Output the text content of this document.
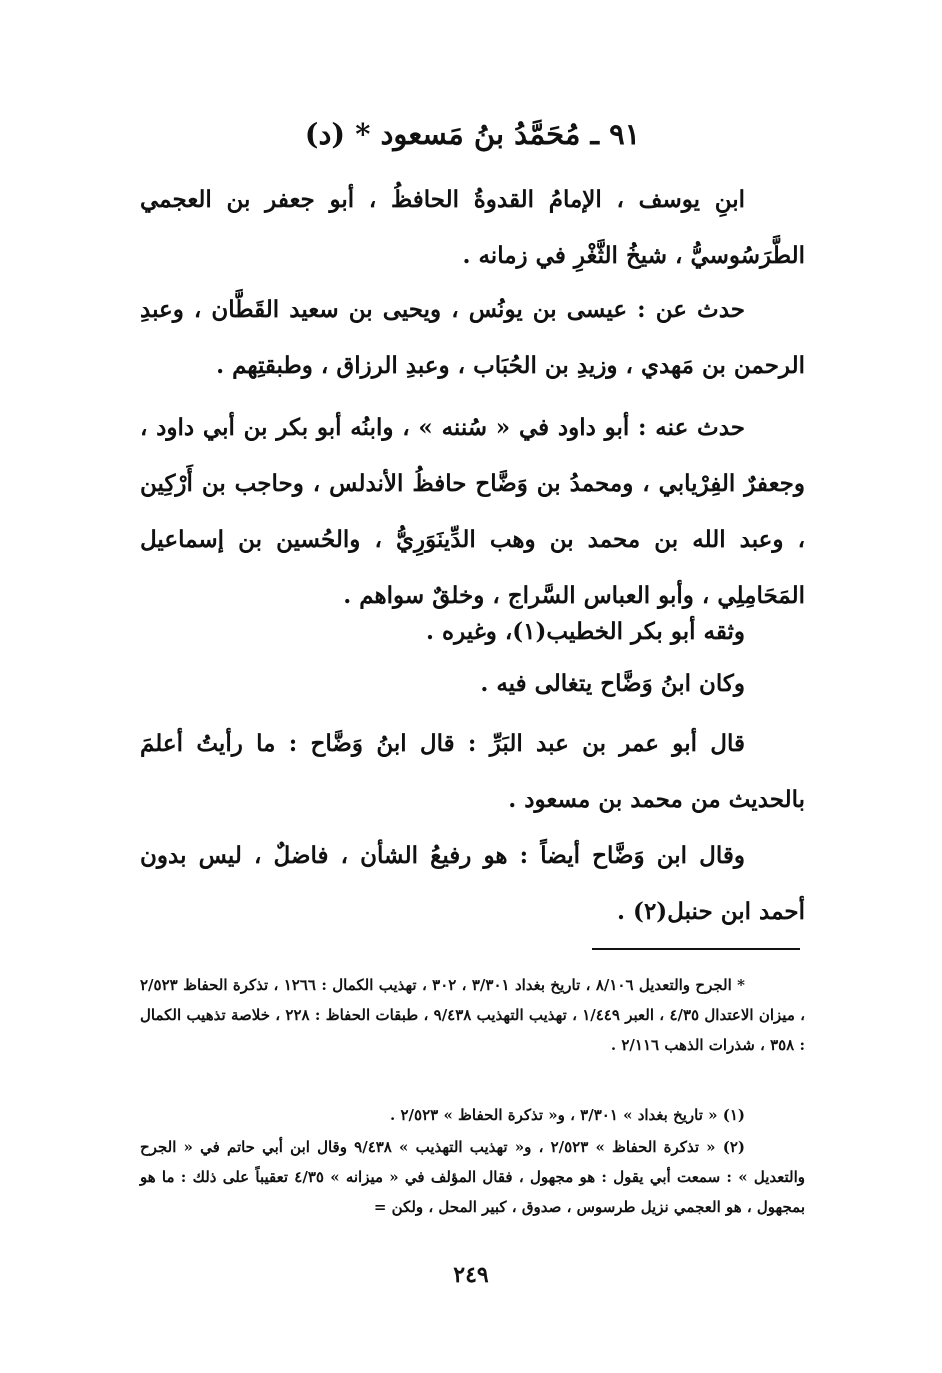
٩١ ـ مُحَمَّدُ بنُ مَسعود * (د)

ابنِ يوسف ، الإمامُ القدوةُ الحافظُ ، أبو جعفر بن العجمي الطَّرَسُوسيُّ ، شيخُ الثَّغْرِ في زمانه .

حدث عن : عيسى بن يونُس ، ويحيى بن سعيد القَطَّان ، وعبدِ الرحمن بن مَهدي ، وزيدِ بن الحُبَاب ، وعبدِ الرزاق ، وطبقتِهم .

حدث عنه : أبو داود في « سُننه » ، وابنُه أبو بكر بن أبي داود ، وجعفرٌ الفِرْيابي ، ومحمدُ بن وَضَّاح حافظُ الأندلس ، وحاجب بن أَرْكِين ، وعبد الله بن محمد بن وهب الدِّينَوَرِيُّ ، والحُسين بن إسماعيل المَحَامِلِي ، وأبو العباس السَّراج ، وخلقٌ سواهم .

وثقه أبو بكر الخطيب(١)، وغيره .

وكان ابنُ وَضَّاح يتغالى فيه .

قال أبو عمر بن عبد البَرِّ : قال ابنُ وَضَّاح : ما رأيتُ أعلمَ بالحديث من محمد بن مسعود .

وقال ابن وَضَّاح أيضاً : هو رفيعُ الشأن ، فاضلٌ ، ليس بدون أحمد ابن حنبل(٢) .

* الجرح والتعديل ٨/١٠٦ ، تاريخ بغداد ٣/٣٠١ ، ٣٠٢ ، تهذيب الكمال : ١٢٦٦ ، تذكرة الحفاظ ٢/٥٢٣ ، ميزان الاعتدال ٤/٣٥ ، العبر ١/٤٤٩ ، تهذيب التهذيب ٩/٤٣٨ ، طبقات الحفاظ : ٢٢٨ ، خلاصة تذهيب الكمال : ٣٥٨ ، شذرات الذهب ٢/١١٦ .

(١) « تاريخ بغداد » ٣/٣٠١ ، و« تذكرة الحفاظ » ٢/٥٢٣ .

(٢) « تذكرة الحفاظ » ٢/٥٢٣ ، و« تهذيب التهذيب » ٩/٤٣٨ وقال ابن أبي حاتم في « الجرح والتعديل » : سمعت أبي يقول : هو مجهول ، فقال المؤلف في « ميزانه » ٤/٣٥ تعقيباً على ذلك : ما هو بمجهول ، هو العجمي نزيل طرسوس ، صدوق ، كبير المحل ، ولكن =

٢٤٩
